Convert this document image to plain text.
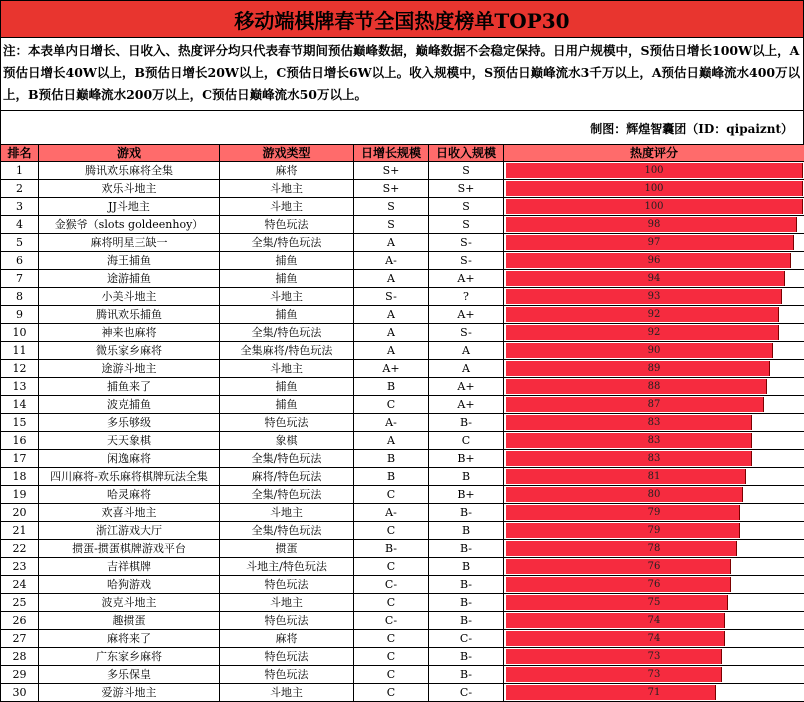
移动端棋牌春节全国热度榜单TOP30
注：本表单内日增长、日收入、热度评分均只代表春节期间预估巅峰数据，巅峰数据不会稳定保持。日用户规模中，S预估日增长100W以上，A预估日增长40W以上，B预估日增长20W以上，C预估日增长6W以上。收入规模中，S预估日巅峰流水3千万以上，A预估日巅峰流水400万以上，B预估日巅峰流水200万以上，C预估日巅峰流水50万以上。
制图：辉煌智囊团（ID：qipaiznt）
排名	游戏	游戏类型	日增长规模	日收入规模	热度评分
1	腾讯欢乐麻将全集	麻将	S+	S	100
2	欢乐斗地主	斗地主	S+	S+	100
3	JJ斗地主	斗地主	S	S	100
4	金猴爷（slots goldeenhoy）	特色玩法	S	S	98
5	麻将明星三缺一	全集/特色玩法	A	S-	97
6	海王捕鱼	捕鱼	A-	S-	96
7	途游捕鱼	捕鱼	A	A+	94
8	小美斗地主	斗地主	S-	?	93
9	腾讯欢乐捕鱼	捕鱼	A	A+	92
10	神来也麻将	全集/特色玩法	A	S-	92
11	微乐家乡麻将	全集麻将/特色玩法	A	A	90
12	途游斗地主	斗地主	A+	A	89
13	捕鱼来了	捕鱼	B	A+	88
14	波克捕鱼	捕鱼	C	A+	87
15	多乐够级	特色玩法	A-	B-	83
16	天天象棋	象棋	A	C	83
17	闲逸麻将	全集/特色玩法	B	B+	83
18	四川麻将-欢乐麻将棋牌玩法全集	麻将/特色玩法	B	B	81
19	哈灵麻将	全集/特色玩法	C	B+	80
20	欢喜斗地主	斗地主	A-	B-	79
21	浙江游戏大厅	全集/特色玩法	C	B	79
22	掼蛋-掼蛋棋牌游戏平台	掼蛋	B-	B-	78
23	吉祥棋牌	斗地主/特色玩法	C	B	76
24	哈狗游戏	特色玩法	C-	B-	76
25	波克斗地主	斗地主	C	B-	75
26	趣掼蛋	特色玩法	C-	B-	74
27	麻将来了	麻将	C	C-	74
28	广东家乡麻将	特色玩法	C	B-	73
29	多乐保皇	特色玩法	C	B-	73
30	爱游斗地主	斗地主	C	C-	71
